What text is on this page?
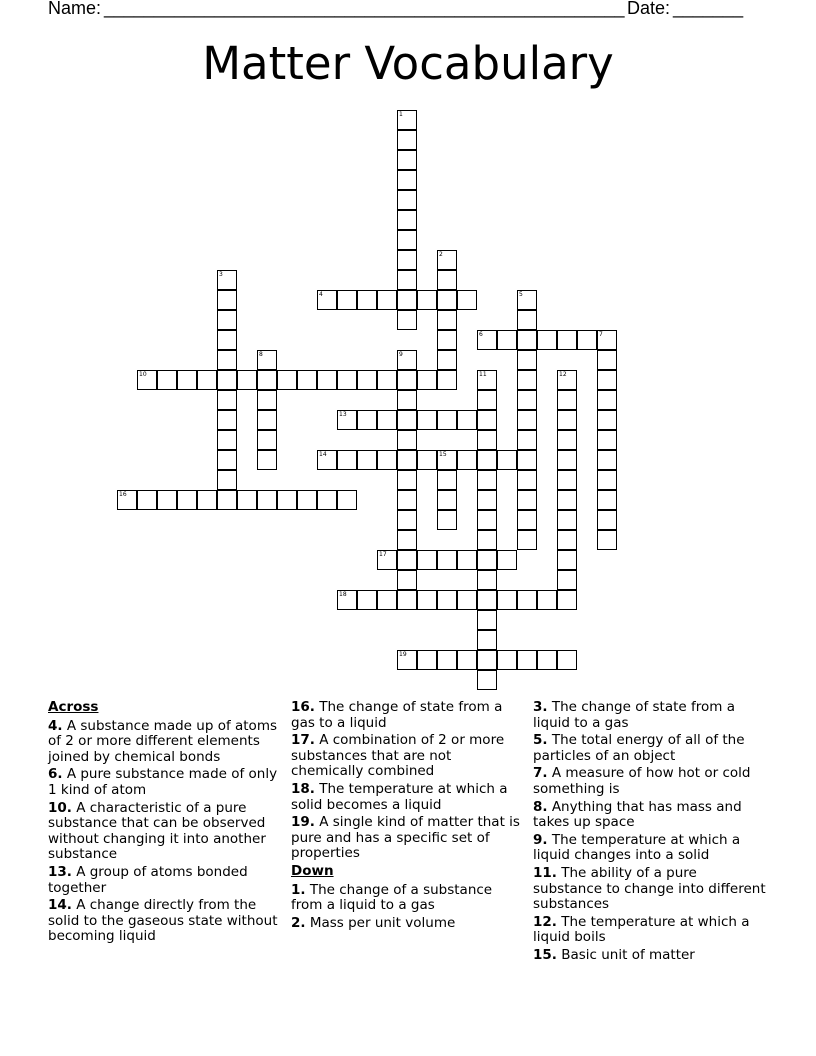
Name:
____________________________________________________ Date:
_______
Matter Vocabulary
1
2
3
4	5
6	7
8	9
10	11	12
13
14	15
16
17
18
19
Across
4. A substance made up of atoms of 2 or more different elements joined by chemical bonds
6. A pure substance made of only 1 kind of atom
10. A characteristic of a pure substance that can be observed without changing it into another substance
13. A group of atoms bonded together
14. A change directly from the solid to the gaseous state without becoming liquid
16. The change of state from a gas to a liquid
17. A combination of 2 or more substances that are not chemically combined
18. The temperature at which a solid becomes a liquid
19. A single kind of matter that is pure and has a specific set of properties
Down
1. The change of a substance from a liquid to a gas
2. Mass per unit volume
3. The change of state from a liquid to a gas
5. The total energy of all of the particles of an object
7. A measure of how hot or cold something is
8. Anything that has mass and takes up space
9. The temperature at which a liquid changes into a solid
11. The ability of a pure substance to change into different substances
12. The temperature at which a liquid boils
15. Basic unit of matter
